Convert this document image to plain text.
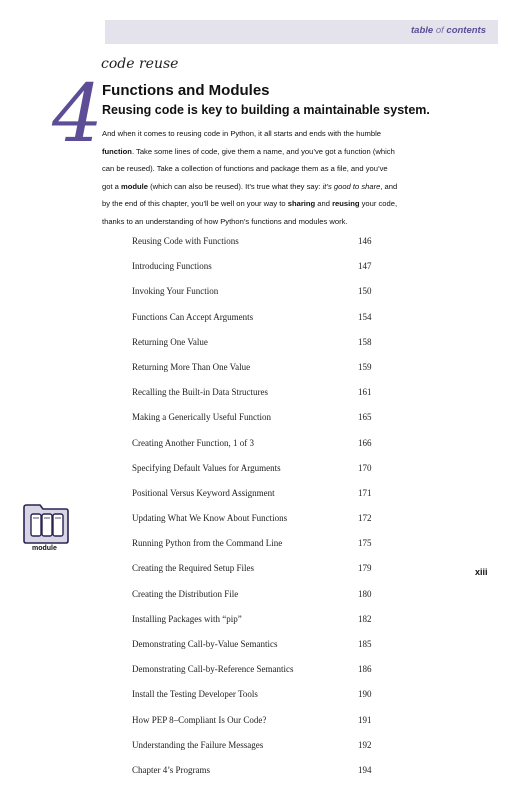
table of contents
code reuse
4 Functions and Modules
Reusing code is key to building a maintainable system.
And when it comes to reusing code in Python, it all starts and ends with the humble
function. Take some lines of code, give them a name, and you’ve got a function (which
can be reused). Take a collection of functions and package them as a file, and you’ve
got a module (which can also be reused). It’s true what they say: it’s good to share, and
by the end of this chapter, you’ll be well on your way to sharing and reusing your code,
thanks to an understanding of how Python’s functions and modules work.
Reusing Code with Functions	146
Introducing Functions	147
Invoking Your Function	150
Functions Can Accept Arguments	154
Returning One Value	158
Returning More Than One Value	159
Recalling the Built-in Data Structures	161
Making a Generically Useful Function	165
Creating Another Function, 1 of 3	166
Specifying Default Values for Arguments	170
Positional Versus Keyword Assignment	171
Updating What We Know About Functions	172
Running Python from the Command Line	175
Creating the Required Setup Files	179
Creating the Distribution File	180
Installing Packages with “pip”	182
Demonstrating Call-by-Value Semantics	185
Demonstrating Call-by-Reference Semantics	186
Install the Testing Developer Tools	190
How PEP 8–Compliant Is Our Code?	191
Understanding the Failure Messages	192
Chapter 4’s Programs	194
module
xiii
